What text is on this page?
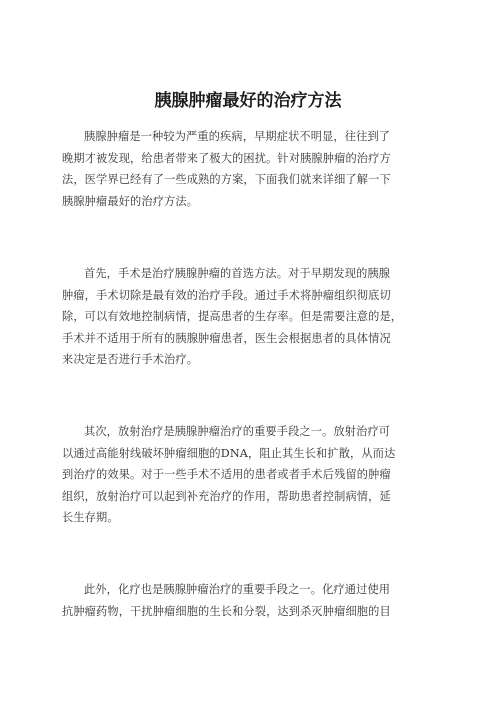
胰腺肿瘤最好的治疗方法
胰腺肿瘤是一种较为严重的疾病，早期症状不明显，往往到了
晚期才被发现，给患者带来了极大的困扰。针对胰腺肿瘤的治疗方
法，医学界已经有了一些成熟的方案，下面我们就来详细了解一下
胰腺肿瘤最好的治疗方法。
首先，手术是治疗胰腺肿瘤的首选方法。对于早期发现的胰腺
肿瘤，手术切除是最有效的治疗手段。通过手术将肿瘤组织彻底切
除，可以有效地控制病情，提高患者的生存率。但是需要注意的是，
手术并不适用于所有的胰腺肿瘤患者，医生会根据患者的具体情况
来决定是否进行手术治疗。
其次，放射治疗是胰腺肿瘤治疗的重要手段之一。放射治疗可
以通过高能射线破坏肿瘤细胞的DNA，阻止其生长和扩散，从而达
到治疗的效果。对于一些手术不适用的患者或者手术后残留的肿瘤
组织，放射治疗可以起到补充治疗的作用，帮助患者控制病情，延
长生存期。
此外，化疗也是胰腺肿瘤治疗的重要手段之一。化疗通过使用
抗肿瘤药物，干扰肿瘤细胞的生长和分裂，达到杀灭肿瘤细胞的目
